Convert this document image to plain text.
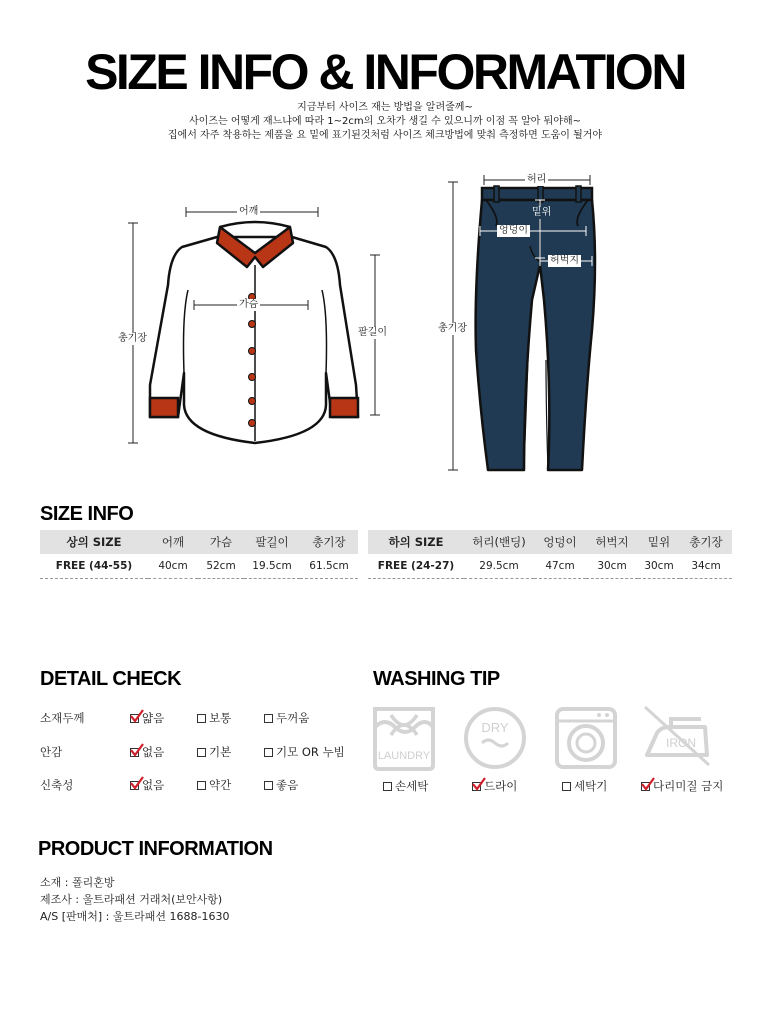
SIZE INFO & INFORMATION
지금부터 사이즈 재는 방법을 알려줄께~
사이즈는 어떻게 재느냐에 따라 1~2cm의 오차가 생길 수 있으니까 이점 꼭 알아 둬야해~
집에서 자주 착용하는 제품을 요 밑에 표기된것처럼 사이즈 체크방법에 맞춰 측정하면 도움이 될거야
어깨
가슴
총기장
팔길이
허리
밑위
엉덩이
허벅지
총기장
SIZE INFO
상의 SIZE	어깨	가슴	팔길이	총기장
FREE (44-55)	40cm	52cm	19.5cm	61.5cm
하의 SIZE	허리(밴딩)	엉덩이	허벅지	밑위	총기장
FREE (24-27)	29.5cm	47cm	30cm	30cm	34cm
DETAIL CHECK
소재두께	얇음	보통	두꺼움
안감	없음	기본	기모 OR 누빔
신축성	없음	약간	좋음
WASHING TIP
LAUNDRY
DRY
IRON
손세탁	드라이	세탁기	다리미질 금지
PRODUCT INFORMATION
소재 : 폴리혼방
제조사 : 울트라패션 거래처(보안사항)
A/S [판매처] : 울트라패션 1688-1630
